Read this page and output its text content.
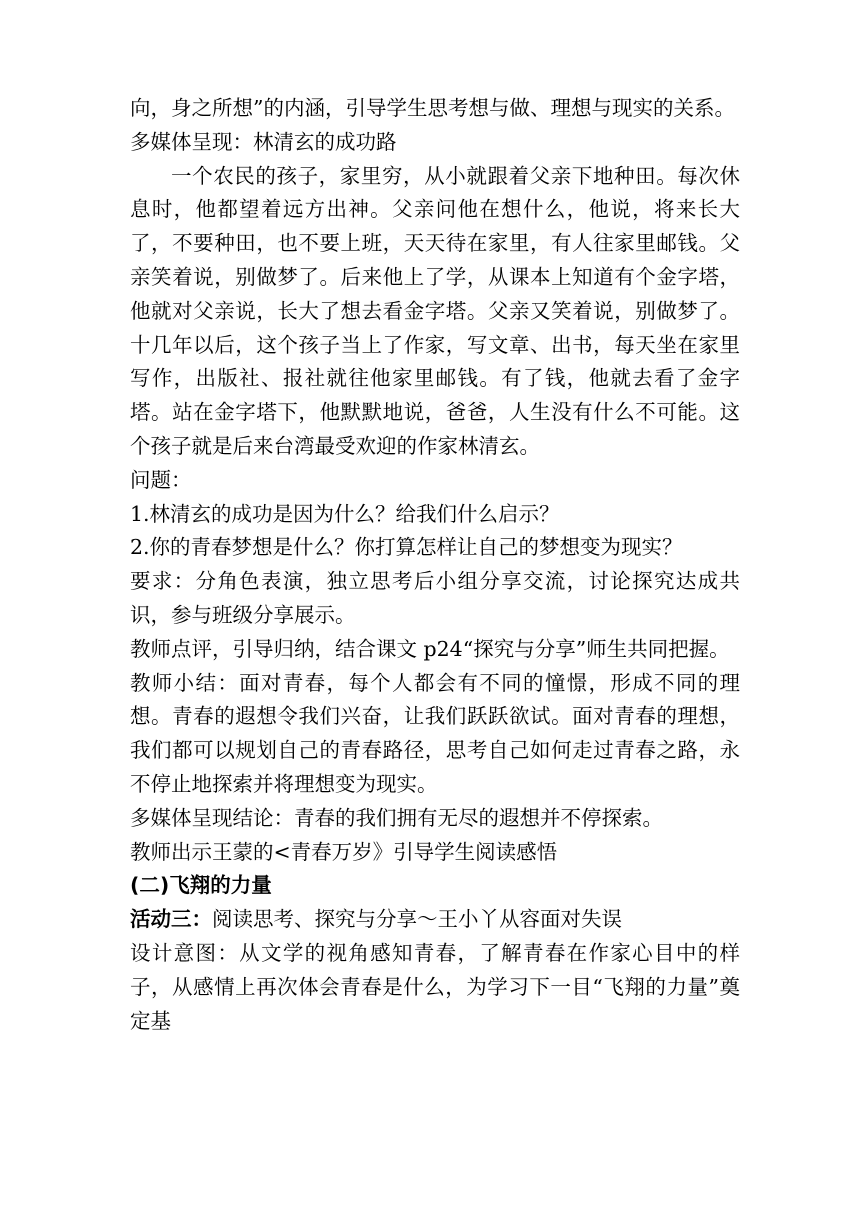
向，身之所想”的内涵，引导学生思考想与做、理想与现实的关系。

多媒体呈现：林清玄的成功路

一个农民的孩子，家里穷，从小就跟着父亲下地种田。每次休息时，他都望着远方出神。父亲问他在想什么，他说，将来长大了，不要种田，也不要上班，天天待在家里，有人往家里邮钱。父亲笑着说，别做梦了。后来他上了学，从课本上知道有个金字塔，他就对父亲说，长大了想去看金字塔。父亲又笑着说，别做梦了。十几年以后，这个孩子当上了作家，写文章、出书，每天坐在家里写作，出版社、报社就往他家里邮钱。有了钱，他就去看了金字塔。站在金字塔下，他默默地说，爸爸，人生没有什么不可能。这个孩子就是后来台湾最受欢迎的作家林清玄。

问题：

1.林清玄的成功是因为什么？给我们什么启示？

2.你的青春梦想是什么？你打算怎样让自己的梦想变为现实？

要求：分角色表演，独立思考后小组分享交流，讨论探究达成共识，参与班级分享展示。

教师点评，引导归纳，结合课文 p24“探究与分享”师生共同把握。

教师小结：面对青春，每个人都会有不同的憧憬，形成不同的理想。青春的遐想令我们兴奋，让我们跃跃欲试。面对青春的理想，我们都可以规划自己的青春路径，思考自己如何走过青春之路，永不停止地探索并将理想变为现实。

多媒体呈现结论：青春的我们拥有无尽的遐想并不停探索。

教师出示王蒙的<青春万岁》引导学生阅读感悟

(二)飞翔的力量

活动三：阅读思考、探究与分享～王小丫从容面对失误

设计意图：从文学的视角感知青春，了解青春在作家心目中的样子，从感情上再次体会青春是什么，为学习下一目“飞翔的力量”奠定基
